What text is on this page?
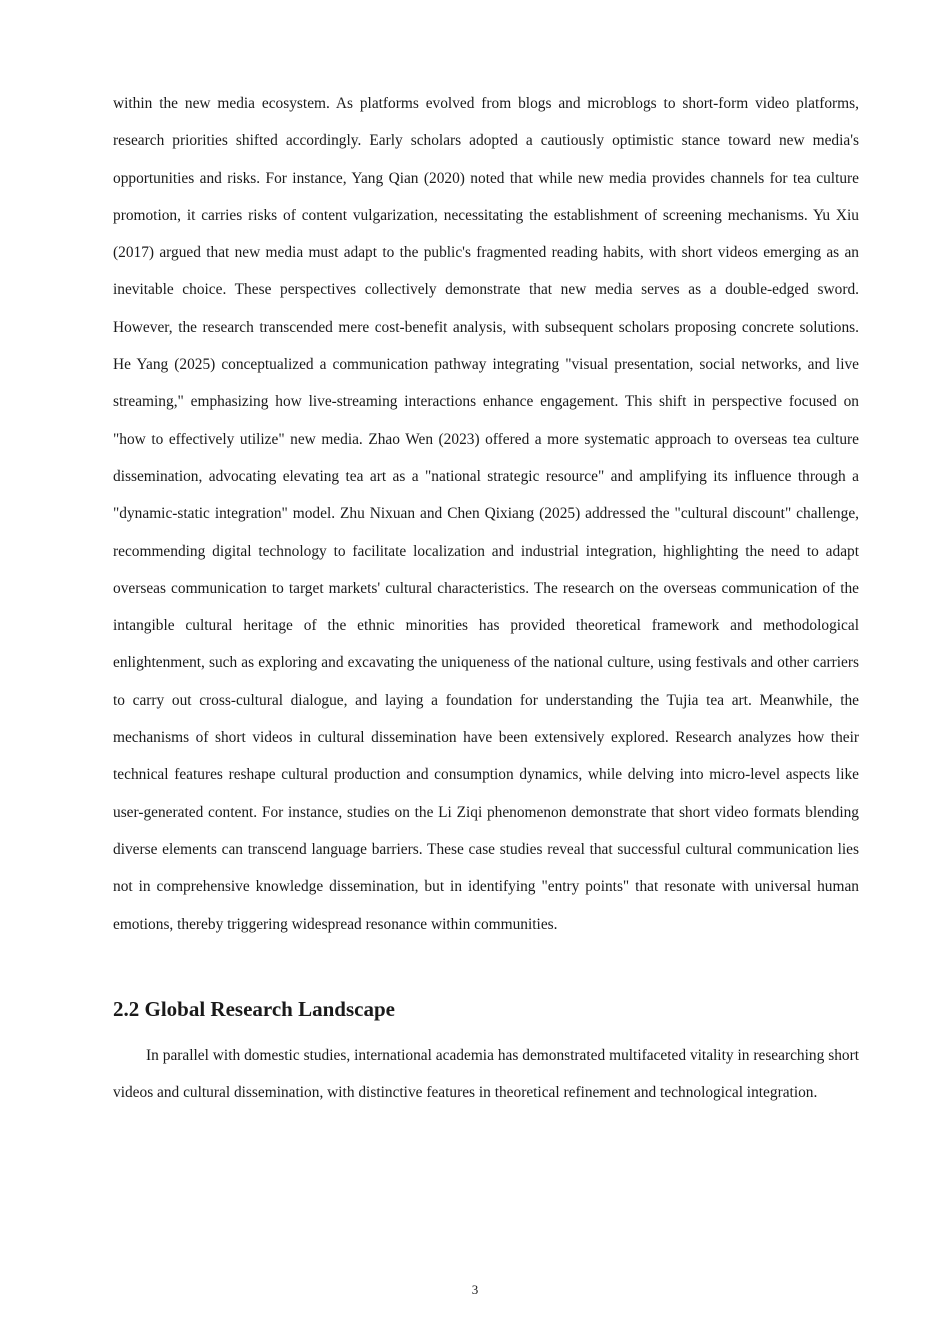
within the new media ecosystem. As platforms evolved from blogs and microblogs to short-form video platforms, research priorities shifted accordingly. Early scholars adopted a cautiously optimistic stance toward new media's opportunities and risks. For instance, Yang Qian (2020) noted that while new media provides channels for tea culture promotion, it carries risks of content vulgarization, necessitating the establishment of screening mechanisms. Yu Xiu (2017) argued that new media must adapt to the public's fragmented reading habits, with short videos emerging as an inevitable choice. These perspectives collectively demonstrate that new media serves as a double-edged sword. However, the research transcended mere cost-benefit analysis, with subsequent scholars proposing concrete solutions. He Yang (2025) conceptualized a communication pathway integrating "visual presentation, social networks, and live streaming," emphasizing how live-streaming interactions enhance engagement. This shift in perspective focused on "how to effectively utilize" new media. Zhao Wen (2023) offered a more systematic approach to overseas tea culture dissemination, advocating elevating tea art as a "national strategic resource" and amplifying its influence through a "dynamic-static integration" model. Zhu Nixuan and Chen Qixiang (2025) addressed the "cultural discount" challenge, recommending digital technology to facilitate localization and industrial integration, highlighting the need to adapt overseas communication to target markets' cultural characteristics. The research on the overseas communication of the intangible cultural heritage of the ethnic minorities has provided theoretical framework and methodological enlightenment, such as exploring and excavating the uniqueness of the national culture, using festivals and other carriers to carry out cross-cultural dialogue, and laying a foundation for understanding the Tujia tea art. Meanwhile, the mechanisms of short videos in cultural dissemination have been extensively explored. Research analyzes how their technical features reshape cultural production and consumption dynamics, while delving into micro-level aspects like user-generated content. For instance, studies on the Li Ziqi phenomenon demonstrate that short video formats blending diverse elements can transcend language barriers. These case studies reveal that successful cultural communication lies not in comprehensive knowledge dissemination, but in identifying "entry points" that resonate with universal human emotions, thereby triggering widespread resonance within communities.

2.2 Global Research Landscape

In parallel with domestic studies, international academia has demonstrated multifaceted vitality in researching short videos and cultural dissemination, with distinctive features in theoretical refinement and technological integration.

3
